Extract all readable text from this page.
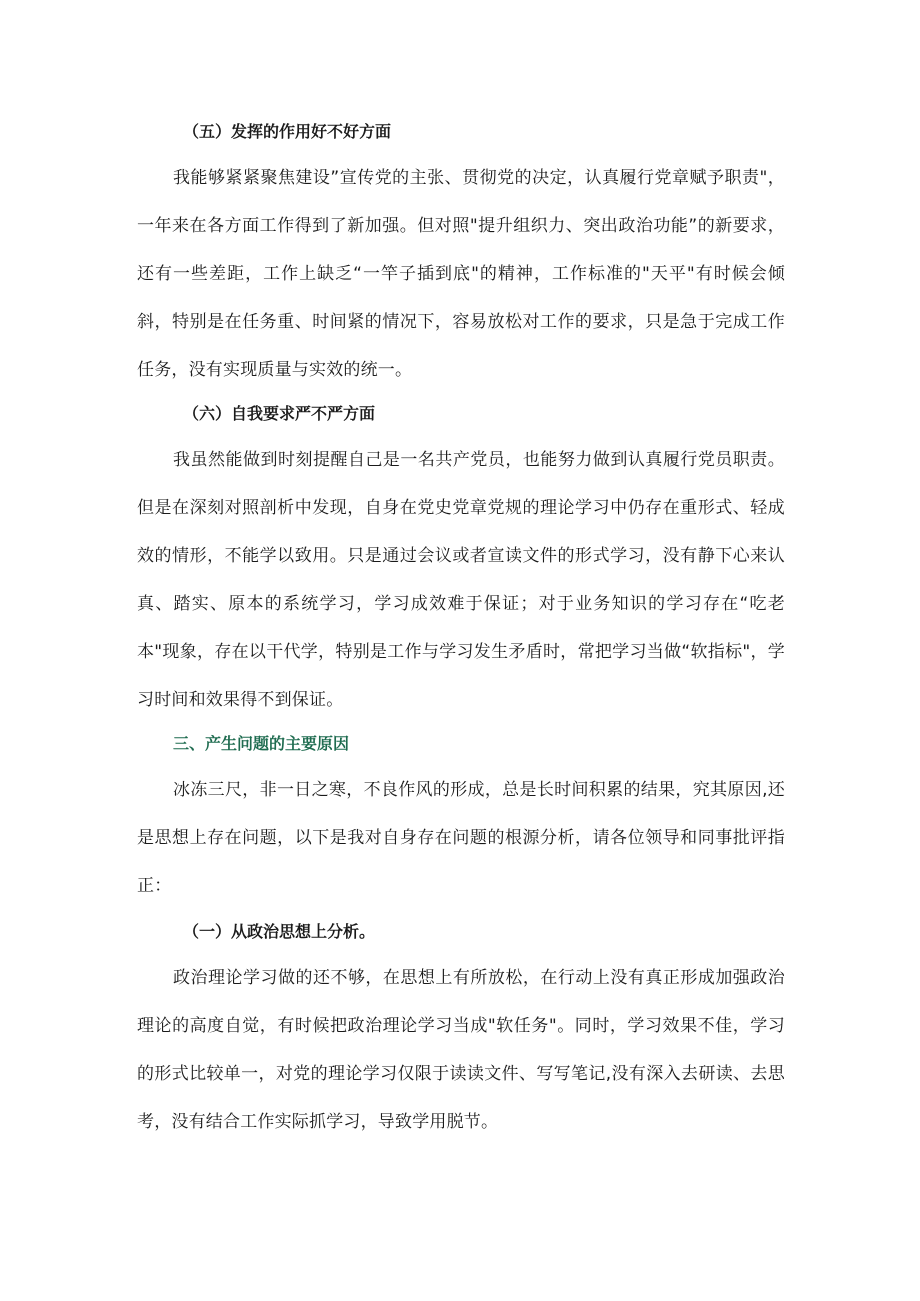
（五）发挥的作用好不好方面

我能够紧紧聚焦建设”宣传党的主张、贯彻党的决定，认真履行党章赋予职责"，一年来在各方面工作得到了新加强。但对照"提升组织力、突出政治功能”的新要求，还有一些差距，工作上缺乏“一竿子插到底"的精神，工作标准的"天平"有时候会倾斜，特别是在任务重、时间紧的情况下，容易放松对工作的要求，只是急于完成工作任务，没有实现质量与实效的统一。

（六）自我要求严不严方面

我虽然能做到时刻提醒自己是一名共产党员，也能努力做到认真履行党员职责。但是在深刻对照剖析中发现，自身在党史党章党规的理论学习中仍存在重形式、轻成效的情形，不能学以致用。只是通过会议或者宣读文件的形式学习，没有静下心来认真、踏实、原本的系统学习，学习成效难于保证；对于业务知识的学习存在“吃老本"现象，存在以干代学，特别是工作与学习发生矛盾时，常把学习当做“软指标"，学习时间和效果得不到保证。

三、产生问题的主要原因

冰冻三尺，非一日之寒，不良作风的形成，总是长时间积累的结果，究其原因,还是思想上存在问题，以下是我对自身存在问题的根源分析，请各位领导和同事批评指正：

（一）从政治思想上分析。

政治理论学习做的还不够，在思想上有所放松，在行动上没有真正形成加强政治理论的高度自觉，有时候把政治理论学习当成"软任务"。同时，学习效果不佳，学习的形式比较单一，对党的理论学习仅限于读读文件、写写笔记,没有深入去研读、去思考，没有结合工作实际抓学习，导致学用脱节。
